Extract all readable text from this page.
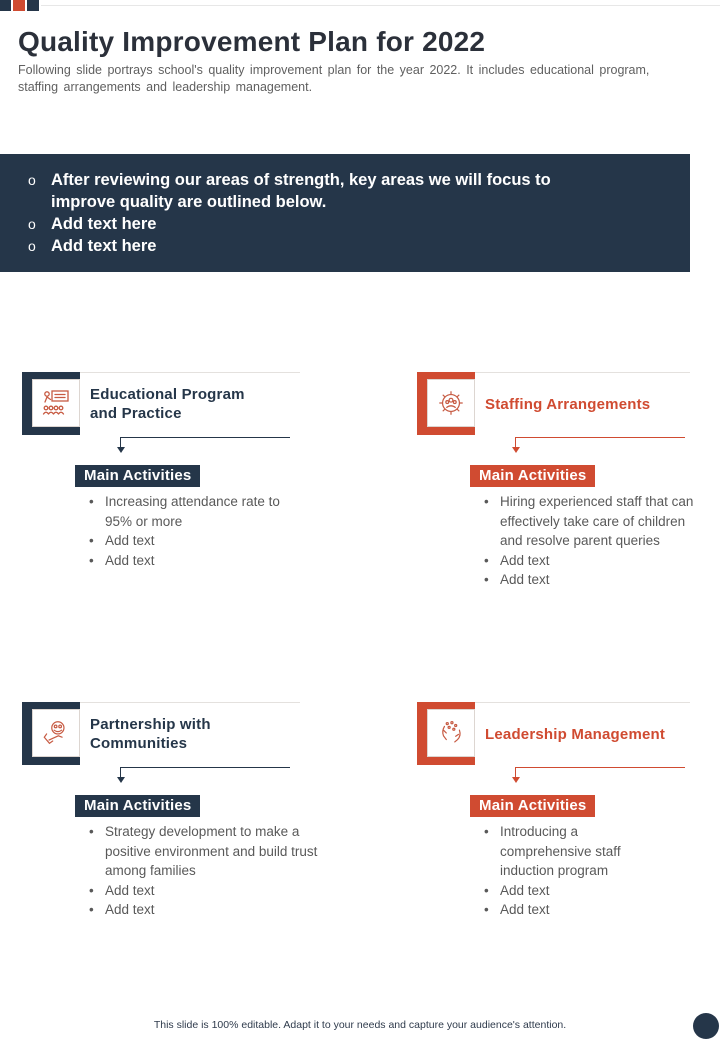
Quality Improvement Plan for 2022
Following slide portrays school's quality improvement plan for the year 2022. It includes educational program, staffing arrangements and leadership management.
o After reviewing our areas of strength, key areas we will focus to improve quality are outlined below.
o Add text here
o Add text here
Educational Program and Practice
Main Activities
• Increasing attendance rate to 95% or more
• Add text
• Add text
Staffing Arrangements
Main Activities
• Hiring experienced staff that can effectively take care of children and resolve parent queries
• Add text
• Add text
Partnership with Communities
Main Activities
• Strategy development to make a positive environment and build trust among families
• Add text
• Add text
Leadership Management
Main Activities
• Introducing a comprehensive staff induction program
• Add text
• Add text
This slide is 100% editable. Adapt it to your needs and capture your audience's attention.
